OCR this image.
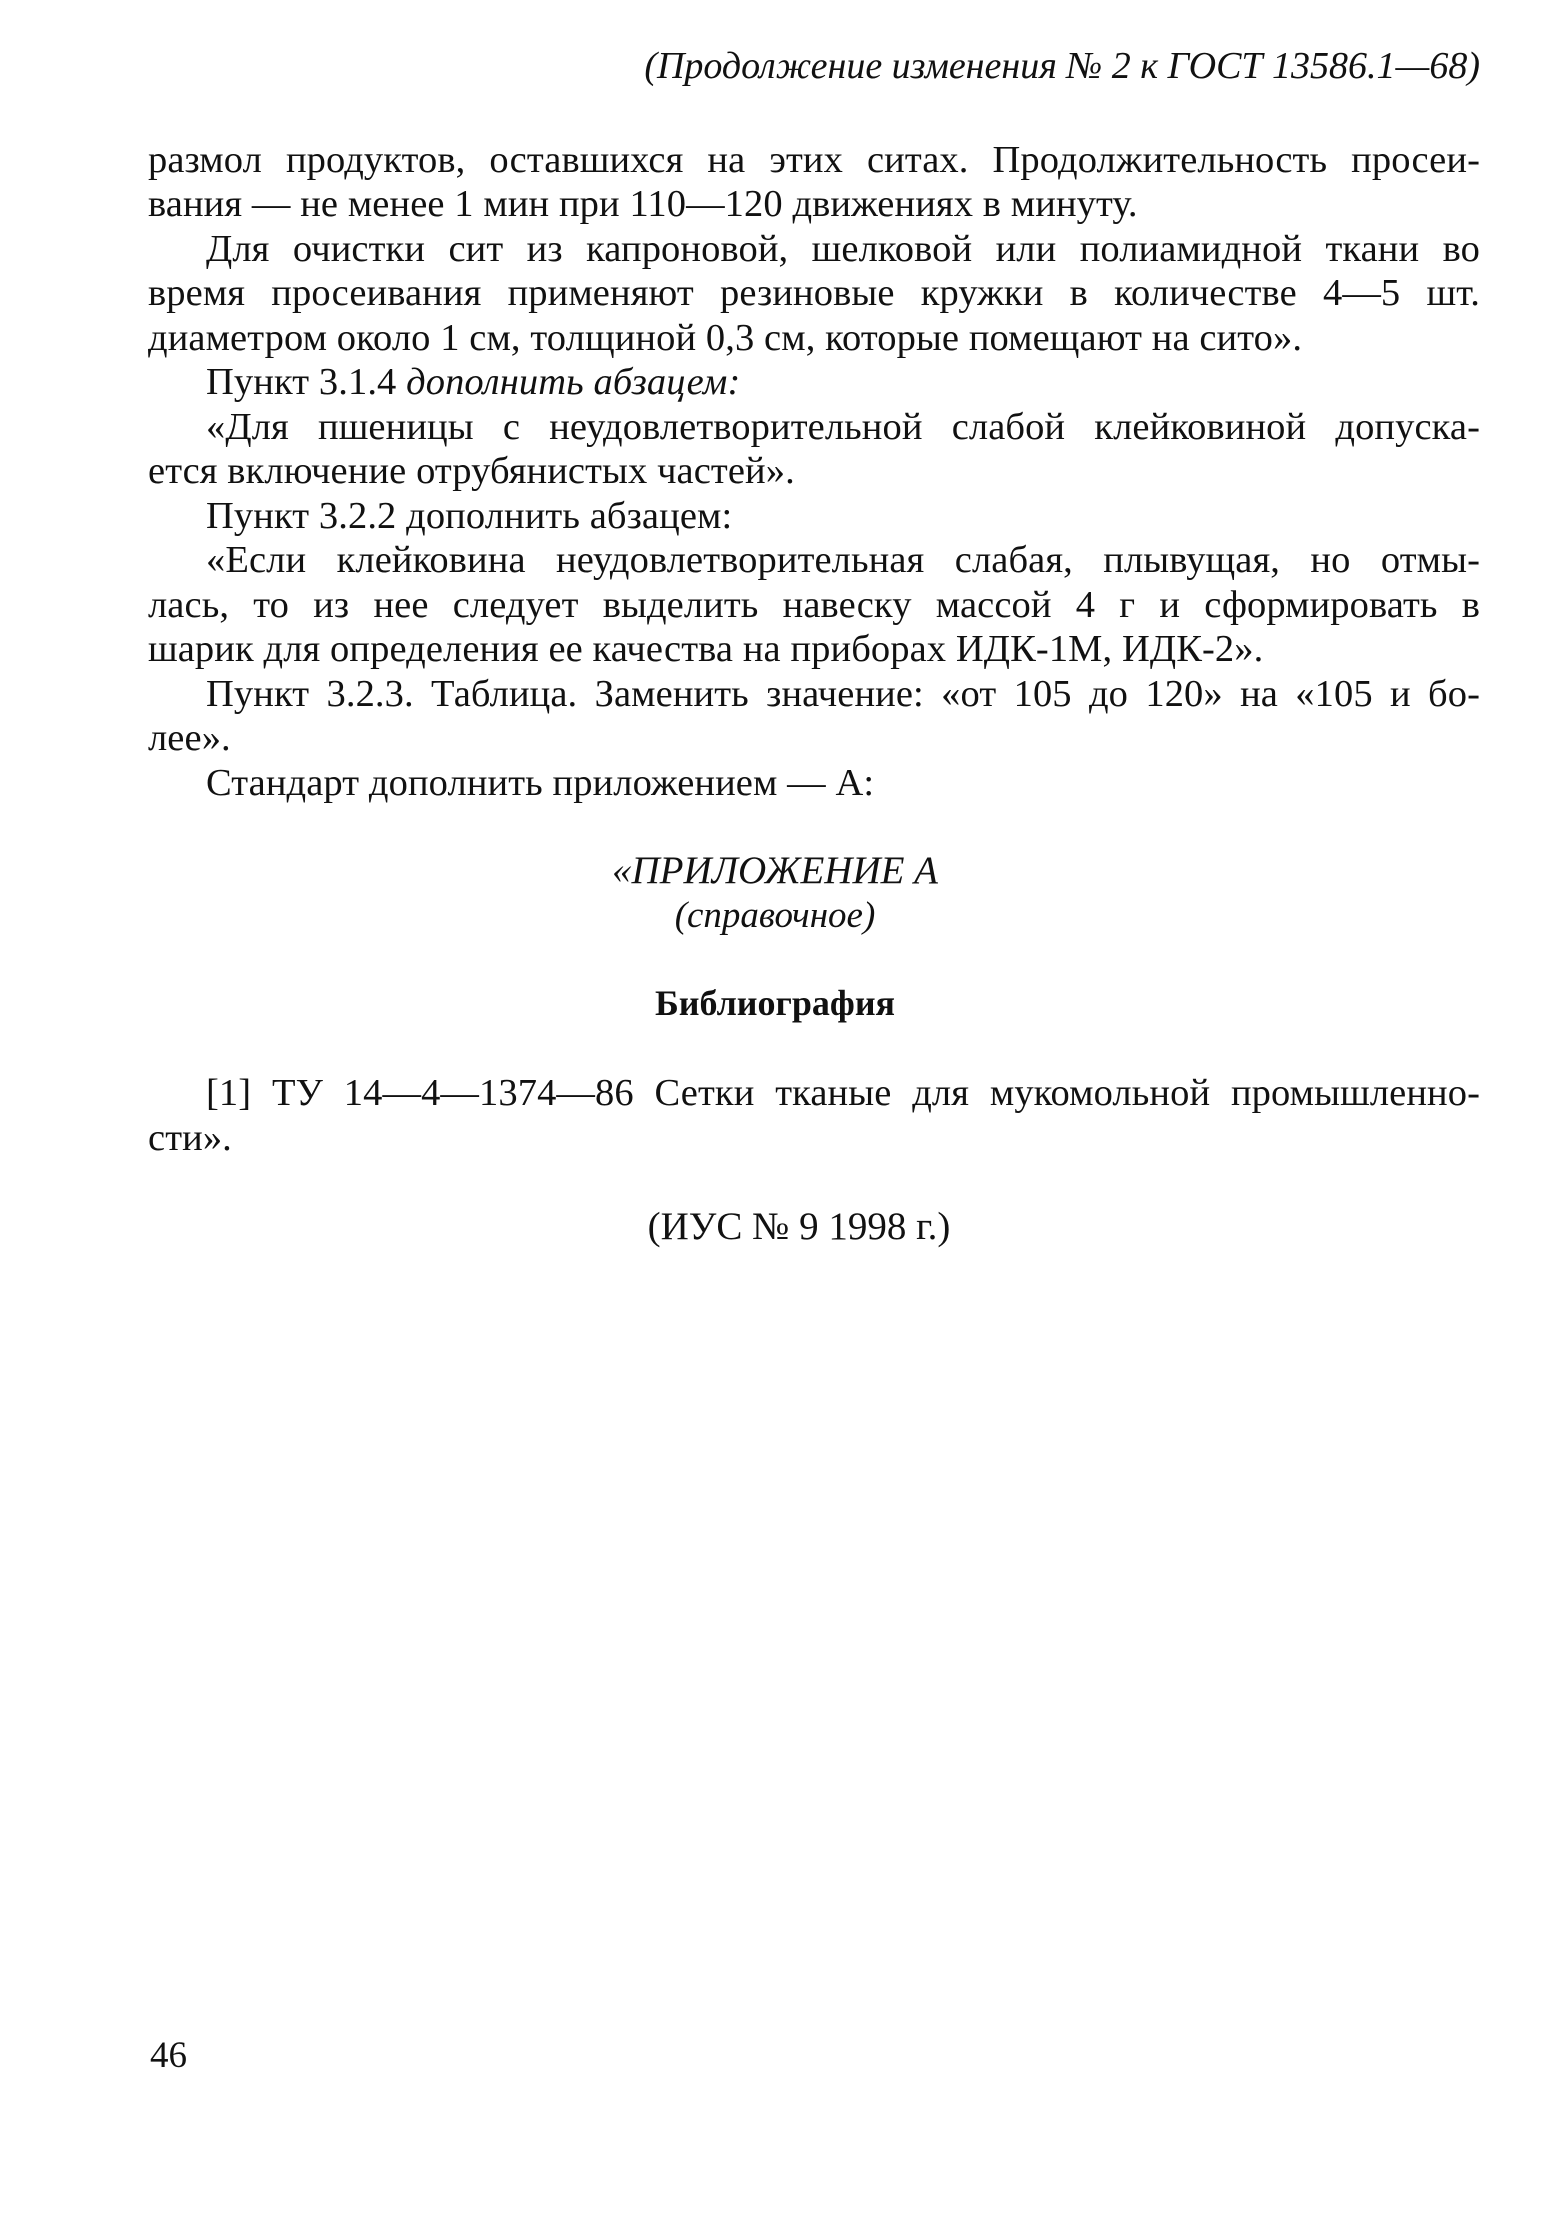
(Продолжение изменения № 2 к ГОСТ 13586.1—68)
размол продуктов, оставшихся на этих ситах. Продолжительность просеи-
вания — не менее 1 мин при 110—120 движениях в минуту.
Для очистки сит из капроновой, шелковой или полиамидной ткани во
время просеивания применяют резиновые кружки в количестве 4—5 шт.
диаметром около 1 см, толщиной 0,3 см, которые помещают на сито».
Пункт 3.1.4 дополнить абзацем:
«Для пшеницы с неудовлетворительной слабой клейковиной допуска-
ется включение отрубянистых частей».
Пункт 3.2.2 дополнить абзацем:
«Если клейковина неудовлетворительная слабая, плывущая, но отмы-
лась, то из нее следует выделить навеску массой 4 г и сформировать в
шарик для определения ее качества на приборах ИДК-1М, ИДК-2».
Пункт 3.2.3. Таблица. Заменить значение: «от 105 до 120» на «105 и бо-
лее».
Стандарт дополнить приложением — А:
«ПРИЛОЖЕНИЕ А
(справочное)
Библиография
[1] ТУ 14—4—1374—86 Сетки тканые для мукомольной промышленно-
сти».
(ИУС № 9 1998 г.)
46
